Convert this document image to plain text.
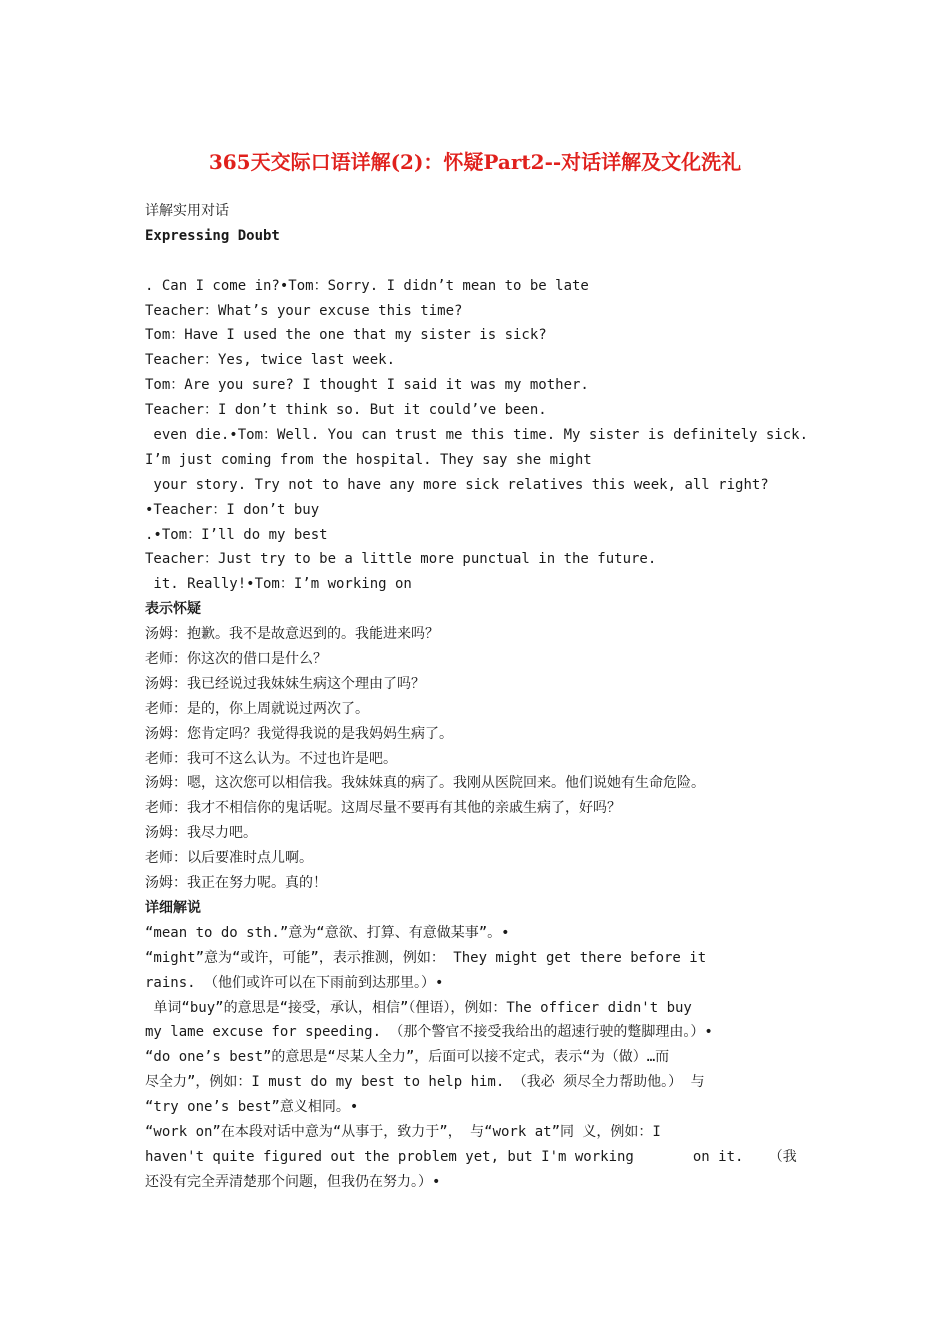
365天交际口语详解(2)：怀疑Part2--对话详解及文化洗礼
详解实用对话
Expressing Doubt
. Can I come in?•Tom：Sorry. I didn’t mean to be late
Teacher：What’s your excuse this time?
Tom：Have I used the one that my sister is sick?
Teacher：Yes, twice last week.
Tom：Are you sure? I thought I said it was my mother.
Teacher：I don’t think so. But it could’ve been.
even die.•Tom：Well. You can trust me this time. My sister is definitely sick.
I’m just coming from the hospital. They say she might
your story. Try not to have any more sick relatives this week, all right?
•Teacher：I don’t buy
.•Tom：I’ll do my best
Teacher：Just try to be a little more punctual in the future.
it. Really!•Tom：I’m working on
表示怀疑
汤姆：抱歉。我不是故意迟到的。我能进来吗？
老师：你这次的借口是什么？
汤姆：我已经说过我妹妹生病这个理由了吗？
老师：是的，你上周就说过两次了。
汤姆：您肯定吗？我觉得我说的是我妈妈生病了。
老师：我可不这么认为。不过也许是吧。
汤姆：嗯，这次您可以相信我。我妹妹真的病了。我刚从医院回来。他们说她有生命危险。
老师：我才不相信你的鬼话呢。这周尽量不要再有其他的亲戚生病了，好吗？
汤姆：我尽力吧。
老师：以后要准时点儿啊。
汤姆：我正在努力呢。真的！
详细解说
“mean to do sth.”意为“意欲、打算、有意做某事”。•
“might”意为“或许，可能”，表示推测，例如： They might get there before it
rains. （他们或许可以在下雨前到达那里。）•
单词“buy”的意思是“接受，承认，相信”（俚语），例如：The officer didn't buy
my lame excuse for speeding. （那个警官不接受我给出的超速行驶的蹩脚理由。）•
“do one’s best”的意思是“尽某人全力”，后面可以接不定式，表示“为（做）…而
尽全力”，例如：I must do my best to help him. （我必 须尽全力帮助他。） 与
“try one’s best”意义相同。•
“work on”在本段对话中意为“从事于，致力于”， 与“work at”同 义，例如：I
haven't quite figured out the problem yet, but I'm working       on it.   （我
还没有完全弄清楚那个问题，但我仍在努力。）•
